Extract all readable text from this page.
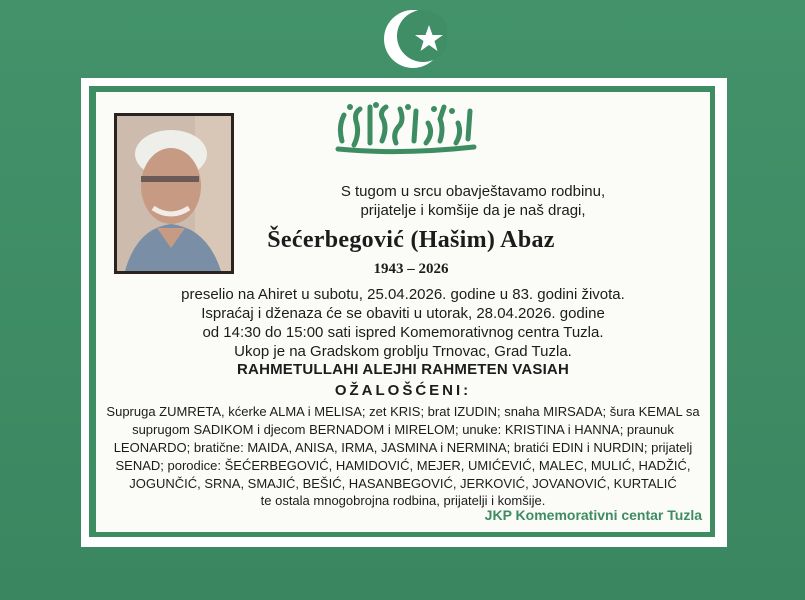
S tugom u srcu obavještavamo rodbinu,
prijatelje i komšije da je naš dragi,
Šećerbegović (Hašim) Abaz
1943 – 2026
preselio na Ahiret u subotu, 25.04.2026. godine u 83. godini života.
Ispraćaj i dženaza će se obaviti u utorak, 28.04.2026. godine
od 14:30 do 15:00 sati ispred Komemorativnog centra Tuzla.
Ukop je na Gradskom groblju Trnovac, Grad Tuzla.
RAHMETULLAHI ALEJHI RAHMETEN VASIAH
OŽALOŠĆENI:
Supruga ZUMRETA, kćerke ALMA i MELISA; zet KRIS; brat IZUDIN; snaha MIRSADA; šura KEMAL sa
suprugom SADIKOM i djecom BERNADOM i MIRELOM; unuke: KRISTINA i HANNA; praunuk
LEONARDO; bratične: MAIDA, ANISA, IRMA, JASMINA i NERMINA; bratići EDIN i NURDIN; prijatelj
SENAD; porodice: ŠEĆERBEGOVIĆ, HAMIDOVIĆ, MEJER, UMIĆEVIĆ, MALEC, MULIĆ, HADŽIĆ,
JOGUNČIĆ, SRNA, SMAJIĆ, BEŠIĆ, HASANBEGOVIĆ, JERKOVIĆ, JOVANOVIĆ, KURTALIĆ
te ostala mnogobrojna rodbina, prijatelji i komšije.
JKP Komemorativni centar Tuzla
